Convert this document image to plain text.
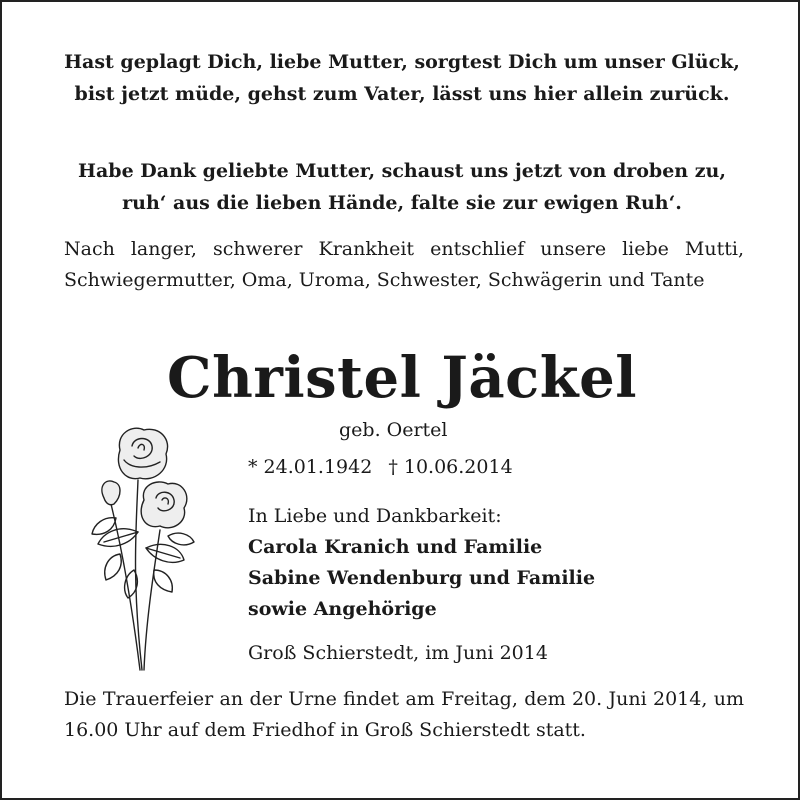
Hast geplagt Dich, liebe Mutter, sorgtest Dich um unser Glück, bist jetzt müde, gehst zum Vater, lässt uns hier allein zurück.
Habe Dank geliebte Mutter, schaust uns jetzt von droben zu, ruh‘ aus die lieben Hände, falte sie zur ewigen Ruh‘.
Nach langer, schwerer Krankheit entschlief unsere liebe Mutti, Schwiegermutter, Oma, Uroma, Schwester, Schwägerin und Tante
Christel Jäckel
geb. Oertel
* 24.01.1942 † 10.06.2014
In Liebe und Dankbarkeit:
Carola Kranich und Familie
Sabine Wendenburg und Familie
sowie Angehörige
Groß Schierstedt, im Juni 2014
Die Trauerfeier an der Urne findet am Freitag, dem 20. Juni 2014, um 16.00 Uhr auf dem Friedhof in Groß Schierstedt statt.
